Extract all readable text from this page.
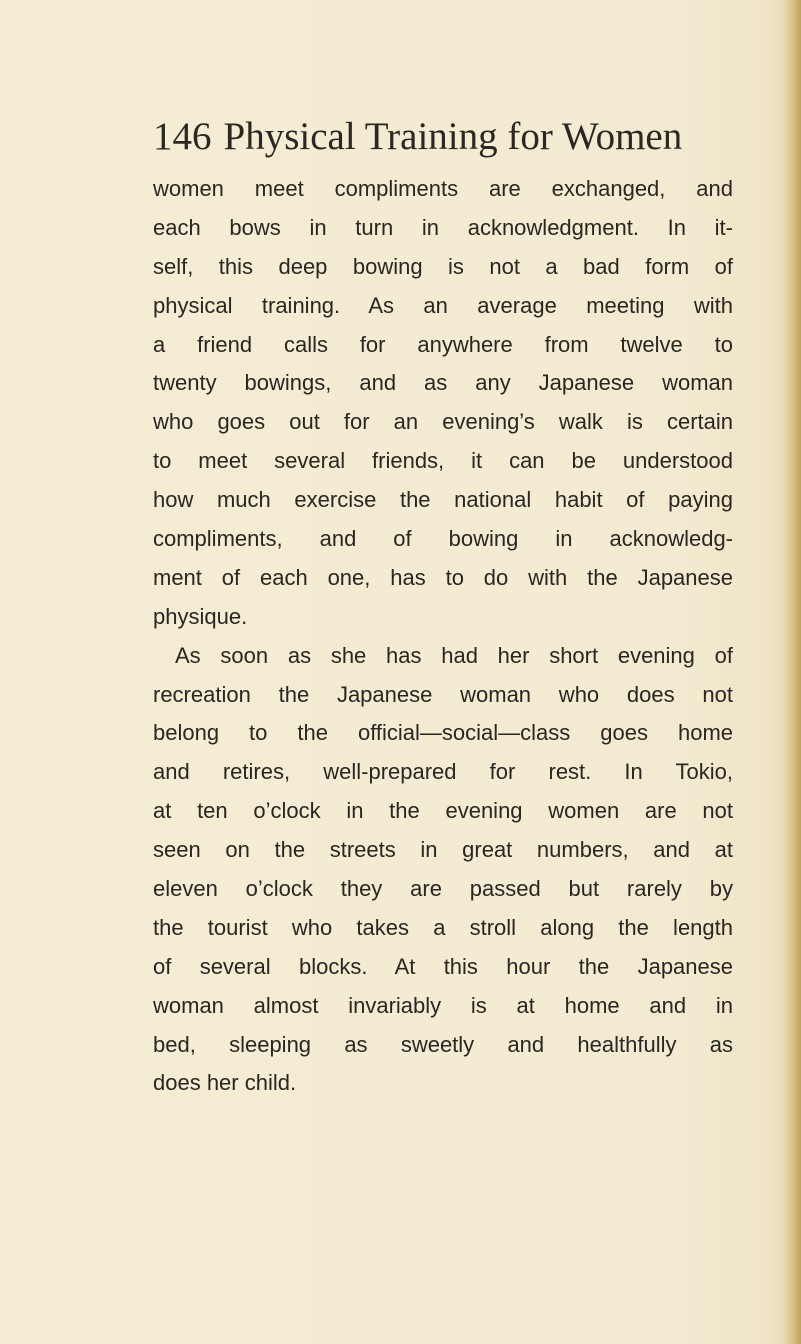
146 Physical Training for Women
women meet compliments are exchanged, and
each bows in turn in acknowledgment. In it-
self, this deep bowing is not a bad form of
physical training. As an average meeting with
a friend calls for anywhere from twelve to
twenty bowings, and as any Japanese woman
who goes out for an evening’s walk is certain
to meet several friends, it can be understood
how much exercise the national habit of paying
compliments, and of bowing in acknowledg-
ment of each one, has to do with the Japanese
physique.
As soon as she has had her short evening of
recreation the Japanese woman who does not
belong to the official—social—class goes home
and retires, well-prepared for rest. In Tokio,
at ten o’clock in the evening women are not
seen on the streets in great numbers, and at
eleven o’clock they are passed but rarely by
the tourist who takes a stroll along the length
of several blocks. At this hour the Japanese
woman almost invariably is at home and in
bed, sleeping as sweetly and healthfully as
does her child.
